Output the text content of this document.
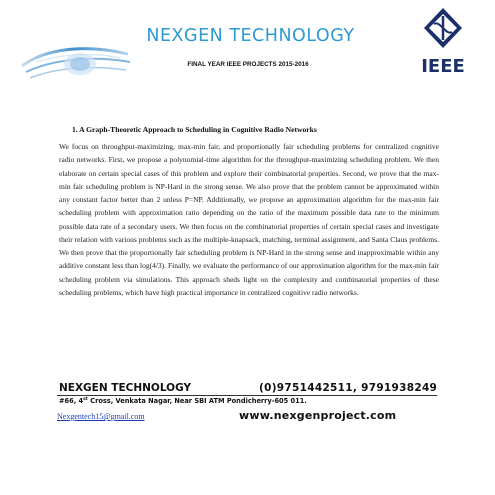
NEXGEN TECHNOLOGY
FINAL YEAR IEEE PROJECTS 2015-2016	IEEE
1. A Graph-Theoretic Approach to Scheduling in Cognitive Radio Networks

We focus on throughput-maximizing, max-min fair, and proportionally fair scheduling problems for centralized cognitive radio networks. First, we propose a polynomial-time algorithm for the throughput-maximizing scheduling problem. We then elaborate on certain special cases of this problem and explore their combinatorial properties. Second, we prove that the max-min fair scheduling problem is NP-Hard in the strong sense. We also prove that the problem cannot be approximated within any constant factor better than 2 unless P=NP. Additionally, we propose an approximation algorithm for the max-min fair scheduling problem with approximation ratio depending on the ratio of the maximum possible data rate to the minimum possible data rate of a secondary users. We then focus on the combinatorial properties of certain special cases and investigate their relation with various problems such as the multiple-knapsack, matching, terminal assignment, and Santa Claus problems. We then prove that the proportionally fair scheduling problem is NP-Hard in the strong sense and inapproximable within any additive constant less than log(4/3). Finally, we evaluate the performance of our approximation algorithm for the max-min fair scheduling problem via simulations. This approach sheds light on the complexity and combinatorial properties of these scheduling problems, which have high practical importance in centralized cognitive radio networks.

NEXGEN TECHNOLOGY	(0)9751442511, 9791938249
#66, 4st Cross, Venkata Nagar, Near SBI ATM Pondicherry-605 011.
Nexgentech15@gmail.com	www.nexgenproject.com
